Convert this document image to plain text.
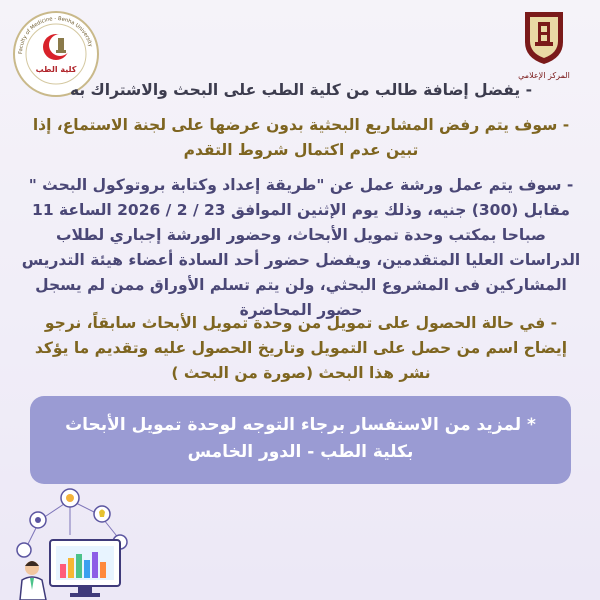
Faculty of Medicine - Benha University
كلية الطب
المركز الإعلامي
- يفضل إضافة طالب من كلية الطب على البحث والاشتراك به
- سوف يتم رفض المشاريع البحثية بدون عرضها على لجنة الاستماع، إذا تبين عدم اكتمال شروط التقدم
- سوف يتم عمل ورشة عمل عن "طريقة إعداد وكتابة بروتوكول البحث " مقابل (300) جنيه، وذلك يوم الإثنين الموافق 23 / 2 / 2026 الساعة 11 صباحا بمكتب وحدة تمويل الأبحاث، وحضور الورشة إجباري لطلاب الدراسات العليا المتقدمين، ويفضل حضور أحد السادة أعضاء هيئة التدريس المشاركين فى المشروع البحثي، ولن يتم تسلم الأوراق ممن لم يسجل حضور المحاضرة
- في حالة الحصول على تمويل من وحدة تمويل الأبحاث سابقاً، نرجو إيضاح اسم من حصل على التمويل وتاريخ الحصول عليه وتقديم ما يؤكد نشر هذا البحث (صورة من البحث )
* لمزيد من الاستفسار برجاء التوجه لوحدة تمويل الأبحاث
بكلية الطب - الدور الخامس
